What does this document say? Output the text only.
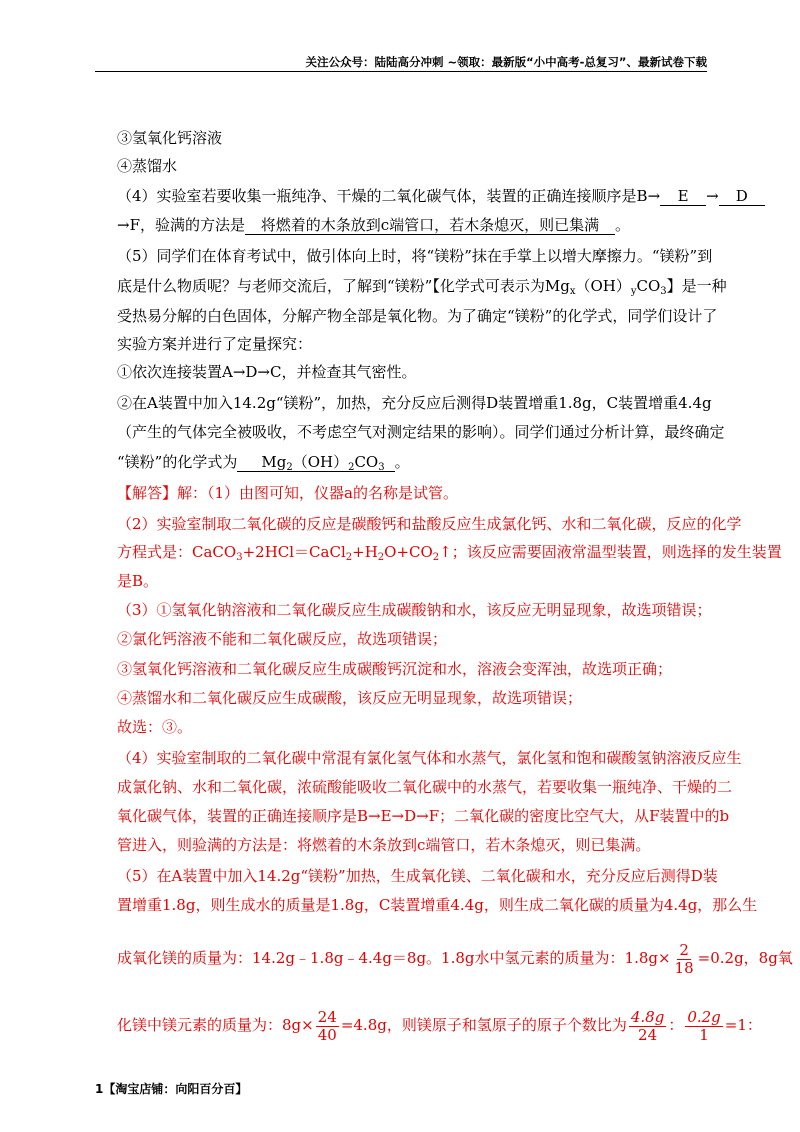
关注公众号：陆陆高分冲刺 ~领取：最新版“小中高考-总复习”、最新试卷下载
③氢氧化钙溶液
④蒸馏水
（4）实验室若要收集一瓶纯净、干燥的二氧化碳气体，装置的正确连接顺序是B→ E → D
→F，验满的方法是 将燃着的木条放到c端管口，若木条熄灭，则已集满 。
（5）同学们在体育考试中，做引体向上时，将“镁粉”抹在手掌上以增大摩擦力。“镁粉”到
底是什么物质呢？与老师交流后，了解到“镁粉”【化学式可表示为$Mg_x(OH)_yCO_3$】是一种
受热易分解的白色固体，分解产物全部是氧化物。为了确定“镁粉”的化学式，同学们设计了
实验方案并进行了定量探究：
①依次连接装置A→D→C，并检查其气密性。
②在A装置中加入14.2g“镁粉”，加热，充分反应后测得D装置增重1.8g，C装置增重4.4g
（产生的气体完全被吸收，不考虑空气对测定结果的影响）。同学们通过分析计算，最终确定
“镁粉”的化学式为 $Mg_2(OH)_2CO_3$ 。
【解答】解：（1）由图可知，仪器a的名称是试管。
（2）实验室制取二氧化碳的反应是碳酸钙和盐酸反应生成氯化钙、水和二氧化碳，反应的化学
方程式是：$CaCO_3+2HCl=CaCl_2+H_2O+CO_2↑$；该反应需要固液常温型装置，则选择的发生装置
是B。
（3）①氢氧化钠溶液和二氧化碳反应生成碳酸钠和水，该反应无明显现象，故选项错误；
②氯化钙溶液不能和二氧化碳反应，故选项错误；
③氢氧化钙溶液和二氧化碳反应生成碳酸钙沉淀和水，溶液会变浑浊，故选项正确；
④蒸馏水和二氧化碳反应生成碳酸，该反应无明显现象，故选项错误；
故选：③。
（4）实验室制取的二氧化碳中常混有氯化氢气体和水蒸气，氯化氢和饱和碳酸氢钠溶液反应生
成氯化钠、水和二氧化碳，浓硫酸能吸收二氧化碳中的水蒸气，若要收集一瓶纯净、干燥的二
氧化碳气体，装置的正确连接顺序是B→E→D→F；二氧化碳的密度比空气大，从F装置中的b
管进入，则验满的方法是：将燃着的木条放到c端管口，若木条熄灭，则已集满。
（5）在A装置中加入14.2g“镁粉”加热，生成氧化镁、二氧化碳和水，充分反应后测得D装
置增重1.8g，则生成水的质量是1.8g，C装置增重4.4g，则生成二氧化碳的质量为4.4g，那么生
成氧化镁的质量为：14.2g﹣1.8g﹣4.4g＝8g。1.8g水中氢元素的质量为：$1.8g\times \frac{2}{18} =0.2g$，8g氧
化镁中镁元素的质量为：$8g\times \frac{24}{40} =4.8g$，则镁原子和氢原子的原子个数比为 $\frac{4.8g}{24}$ ： $\frac{0.2g}{1} =1$：
1【淘宝店铺：向阳百分百】
